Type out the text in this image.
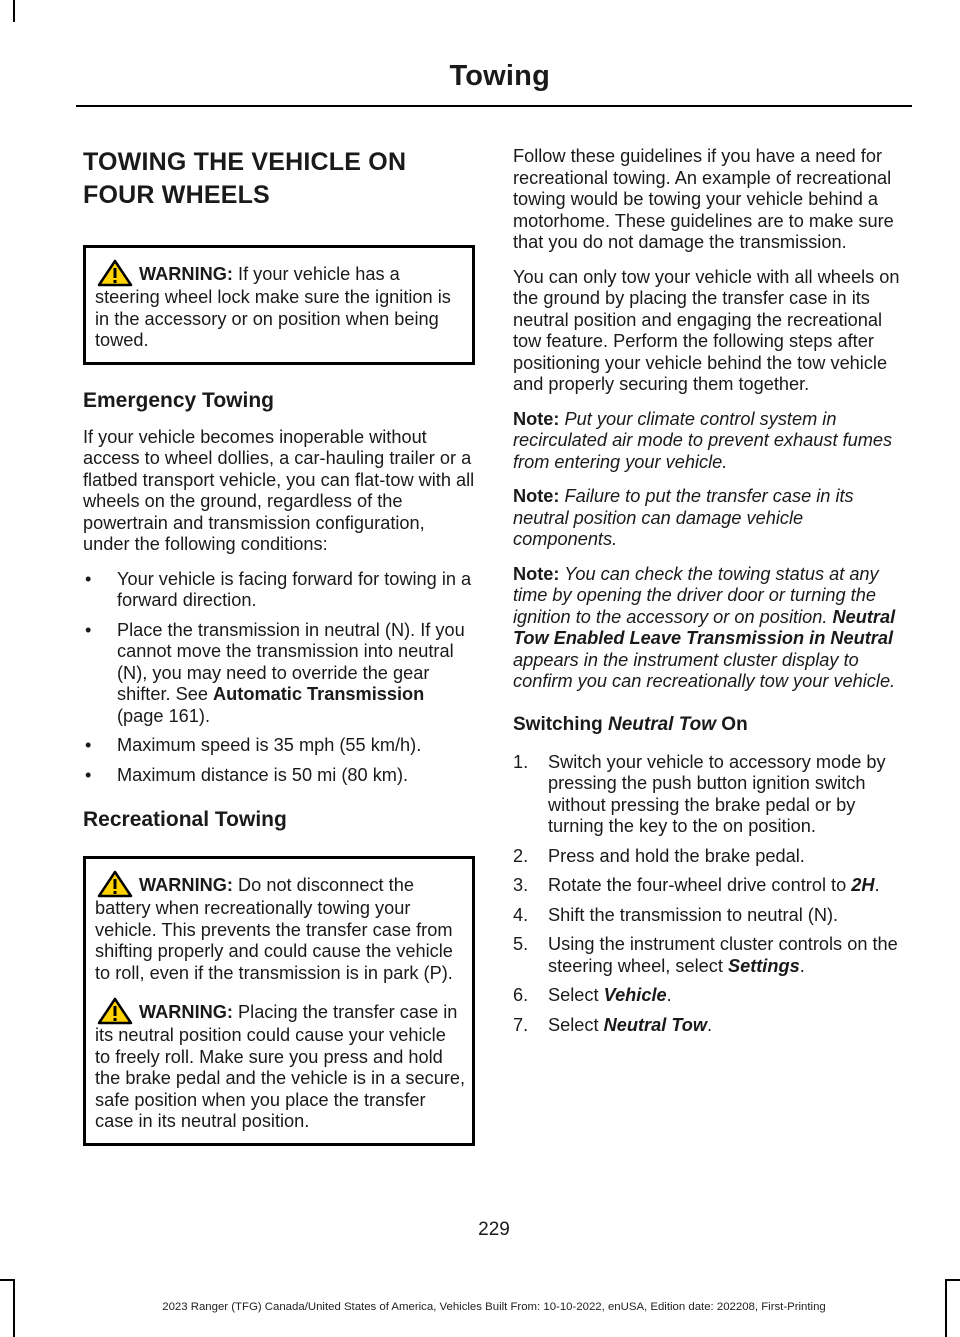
Towing
TOWING THE VEHICLE ON
FOUR WHEELS

WARNING: If your vehicle has a steering wheel lock make sure the ignition is in the accessory or on position when being towed.

Emergency Towing

If your vehicle becomes inoperable without access to wheel dollies, a car-hauling trailer or a flatbed transport vehicle, you can flat-tow with all wheels on the ground, regardless of the powertrain and transmission configuration, under the following conditions:

• Your vehicle is facing forward for towing in a forward direction.
• Place the transmission in neutral (N). If you cannot move the transmission into neutral (N), you may need to override the gear shifter. See Automatic Transmission (page 161).
• Maximum speed is 35 mph (55 km/h).
• Maximum distance is 50 mi (80 km).
Recreational Towing

WARNING: Do not disconnect the battery when recreationally towing your vehicle. This prevents the transfer case from shifting properly and could cause the vehicle to roll, even if the transmission is in park (P).

WARNING: Placing the transfer case in its neutral position could cause your vehicle to freely roll. Make sure you press and hold the brake pedal and the vehicle is in a secure, safe position when you place the transfer case in its neutral position.

Follow these guidelines if you have a need for recreational towing. An example of recreational towing would be towing your vehicle behind a motorhome. These guidelines are to make sure that you do not damage the transmission.

You can only tow your vehicle with all wheels on the ground by placing the transfer case in its neutral position and engaging the recreational tow feature. Perform the following steps after positioning your vehicle behind the tow vehicle and properly securing them together.

Note: Put your climate control system in recirculated air mode to prevent exhaust fumes from entering your vehicle.

Note: Failure to put the transfer case in its neutral position can damage vehicle components.

Note: You can check the towing status at any time by opening the driver door or turning the ignition to the accessory or on position. Neutral Tow Enabled Leave Transmission in Neutral appears in the instrument cluster display to confirm you can recreationally tow your vehicle.

Switching Neutral Tow On
1. Switch your vehicle to accessory mode by pressing the push button ignition switch without pressing the brake pedal or by turning the key to the on position.
2. Press and hold the brake pedal.
3. Rotate the four-wheel drive control to 2H.
4. Shift the transmission to neutral (N).
5. Using the instrument cluster controls on the steering wheel, select Settings.
6. Select Vehicle.
7. Select Neutral Tow.
229
2023 Ranger (TFG) Canada/United States of America, Vehicles Built From: 10-10-2022, enUSA, Edition date: 202208, First-Printing
